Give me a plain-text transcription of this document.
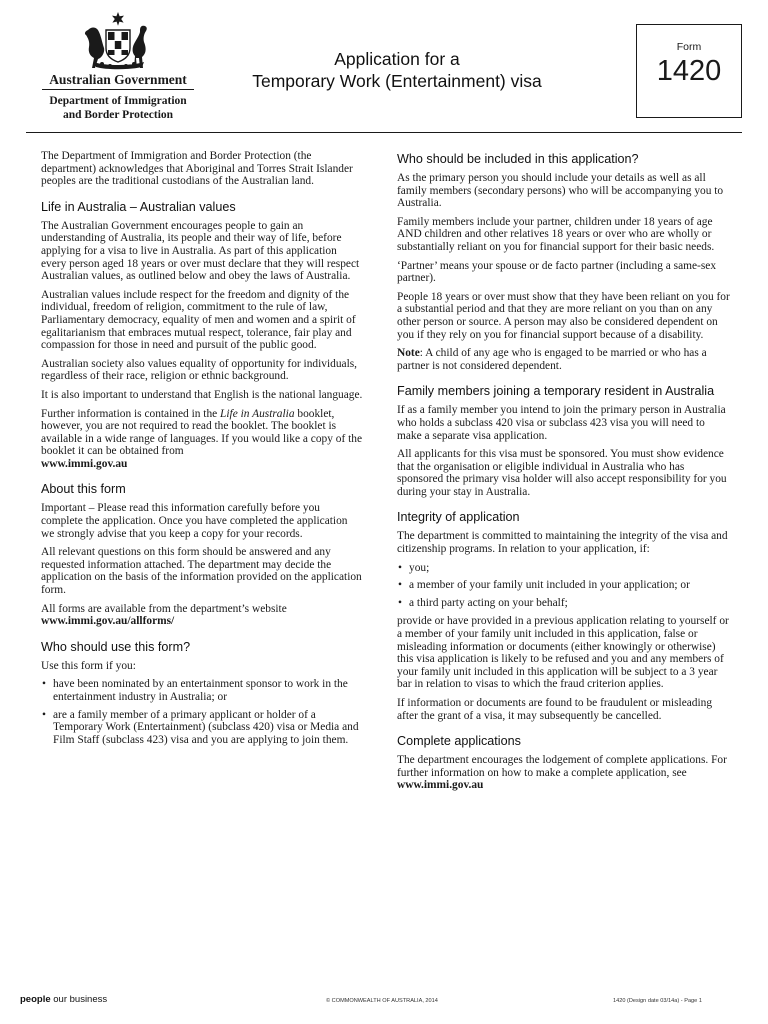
Australian Government
Department of Immigration
and Border Protection
Application for a
Temporary Work (Entertainment) visa
Form
1420

The Department of Immigration and Border Protection (the department) acknowledges that Aboriginal and Torres Strait Islander peoples are the traditional custodians of the Australian land.

Life in Australia – Australian values

The Australian Government encourages people to gain an understanding of Australia, its people and their way of life, before applying for a visa to live in Australia. As part of this application every person aged 18 years or over must declare that they will respect Australian values, as outlined below and obey the laws of Australia.

Australian values include respect for the freedom and dignity of the individual, freedom of religion, commitment to the rule of law, Parliamentary democracy, equality of men and women and a spirit of egalitarianism that embraces mutual respect, tolerance, fair play and compassion for those in need and pursuit of the public good.

Australian society also values equality of opportunity for individuals, regardless of their race, religion or ethnic background.

It is also important to understand that English is the national language.

Further information is contained in the Life in Australia booklet, however, you are not required to read the booklet. The booklet is available in a wide range of languages. If you would like a copy of the booklet it can be obtained from
www.immi.gov.au

About this form

Important – Please read this information carefully before you complete the application. Once you have completed the application we strongly advise that you keep a copy for your records.

All relevant questions on this form should be answered and any requested information attached. The department may decide the application on the basis of the information provided on the application form.

All forms are available from the department’s website
www.immi.gov.au/allforms/

Who should use this form?

Use this form if you:

• have been nominated by an entertainment sponsor to work in the entertainment industry in Australia; or
• are a family member of a primary applicant or holder of a Temporary Work (Entertainment) (subclass 420) visa or Media and Film Staff (subclass 423) visa and you are applying to join them.
Who should be included in this application?

As the primary person you should include your details as well as all family members (secondary persons) who will be accompanying you to Australia.

Family members include your partner, children under 18 years of age AND children and other relatives 18 years or over who are wholly or substantially reliant on you for financial support for their basic needs.

‘Partner’ means your spouse or de facto partner (including a same-sex partner).

People 18 years or over must show that they have been reliant on you for a substantial period and that they are more reliant on you than on any other person or source. A person may also be considered dependent on you if they rely on you for financial support because of a disability.

Note: A child of any age who is engaged to be married or who has a partner is not considered dependent.

Family members joining a temporary resident in Australia

If as a family member you intend to join the primary person in Australia who holds a subclass 420 visa or subclass 423 visa you will need to make a separate visa application.

All applicants for this visa must be sponsored. You must show evidence that the organisation or eligible individual in Australia who has sponsored the primary visa holder will also accept responsibility for you during your stay in Australia.

Integrity of application

The department is committed to maintaining the integrity of the visa and citizenship programs. In relation to your application, if:

• you;
• a member of your family unit included in your application; or
• a third party acting on your behalf;

provide or have provided in a previous application relating to yourself or a member of your family unit included in this application, false or misleading information or documents (either knowingly or otherwise) this visa application is likely to be refused and you and any members of your family unit included in this application will be subject to a 3 year bar in relation to visas to which the fraud criterion applies.

If information or documents are found to be fraudulent or misleading after the grant of a visa, it may subsequently be cancelled.

Complete applications

The department encourages the lodgement of complete applications. For further information on how to make a complete application, see www.immi.gov.au

people our business	© COMMONWEALTH OF AUSTRALIA, 2014	1420 (Design date 03/14a) - Page 1
